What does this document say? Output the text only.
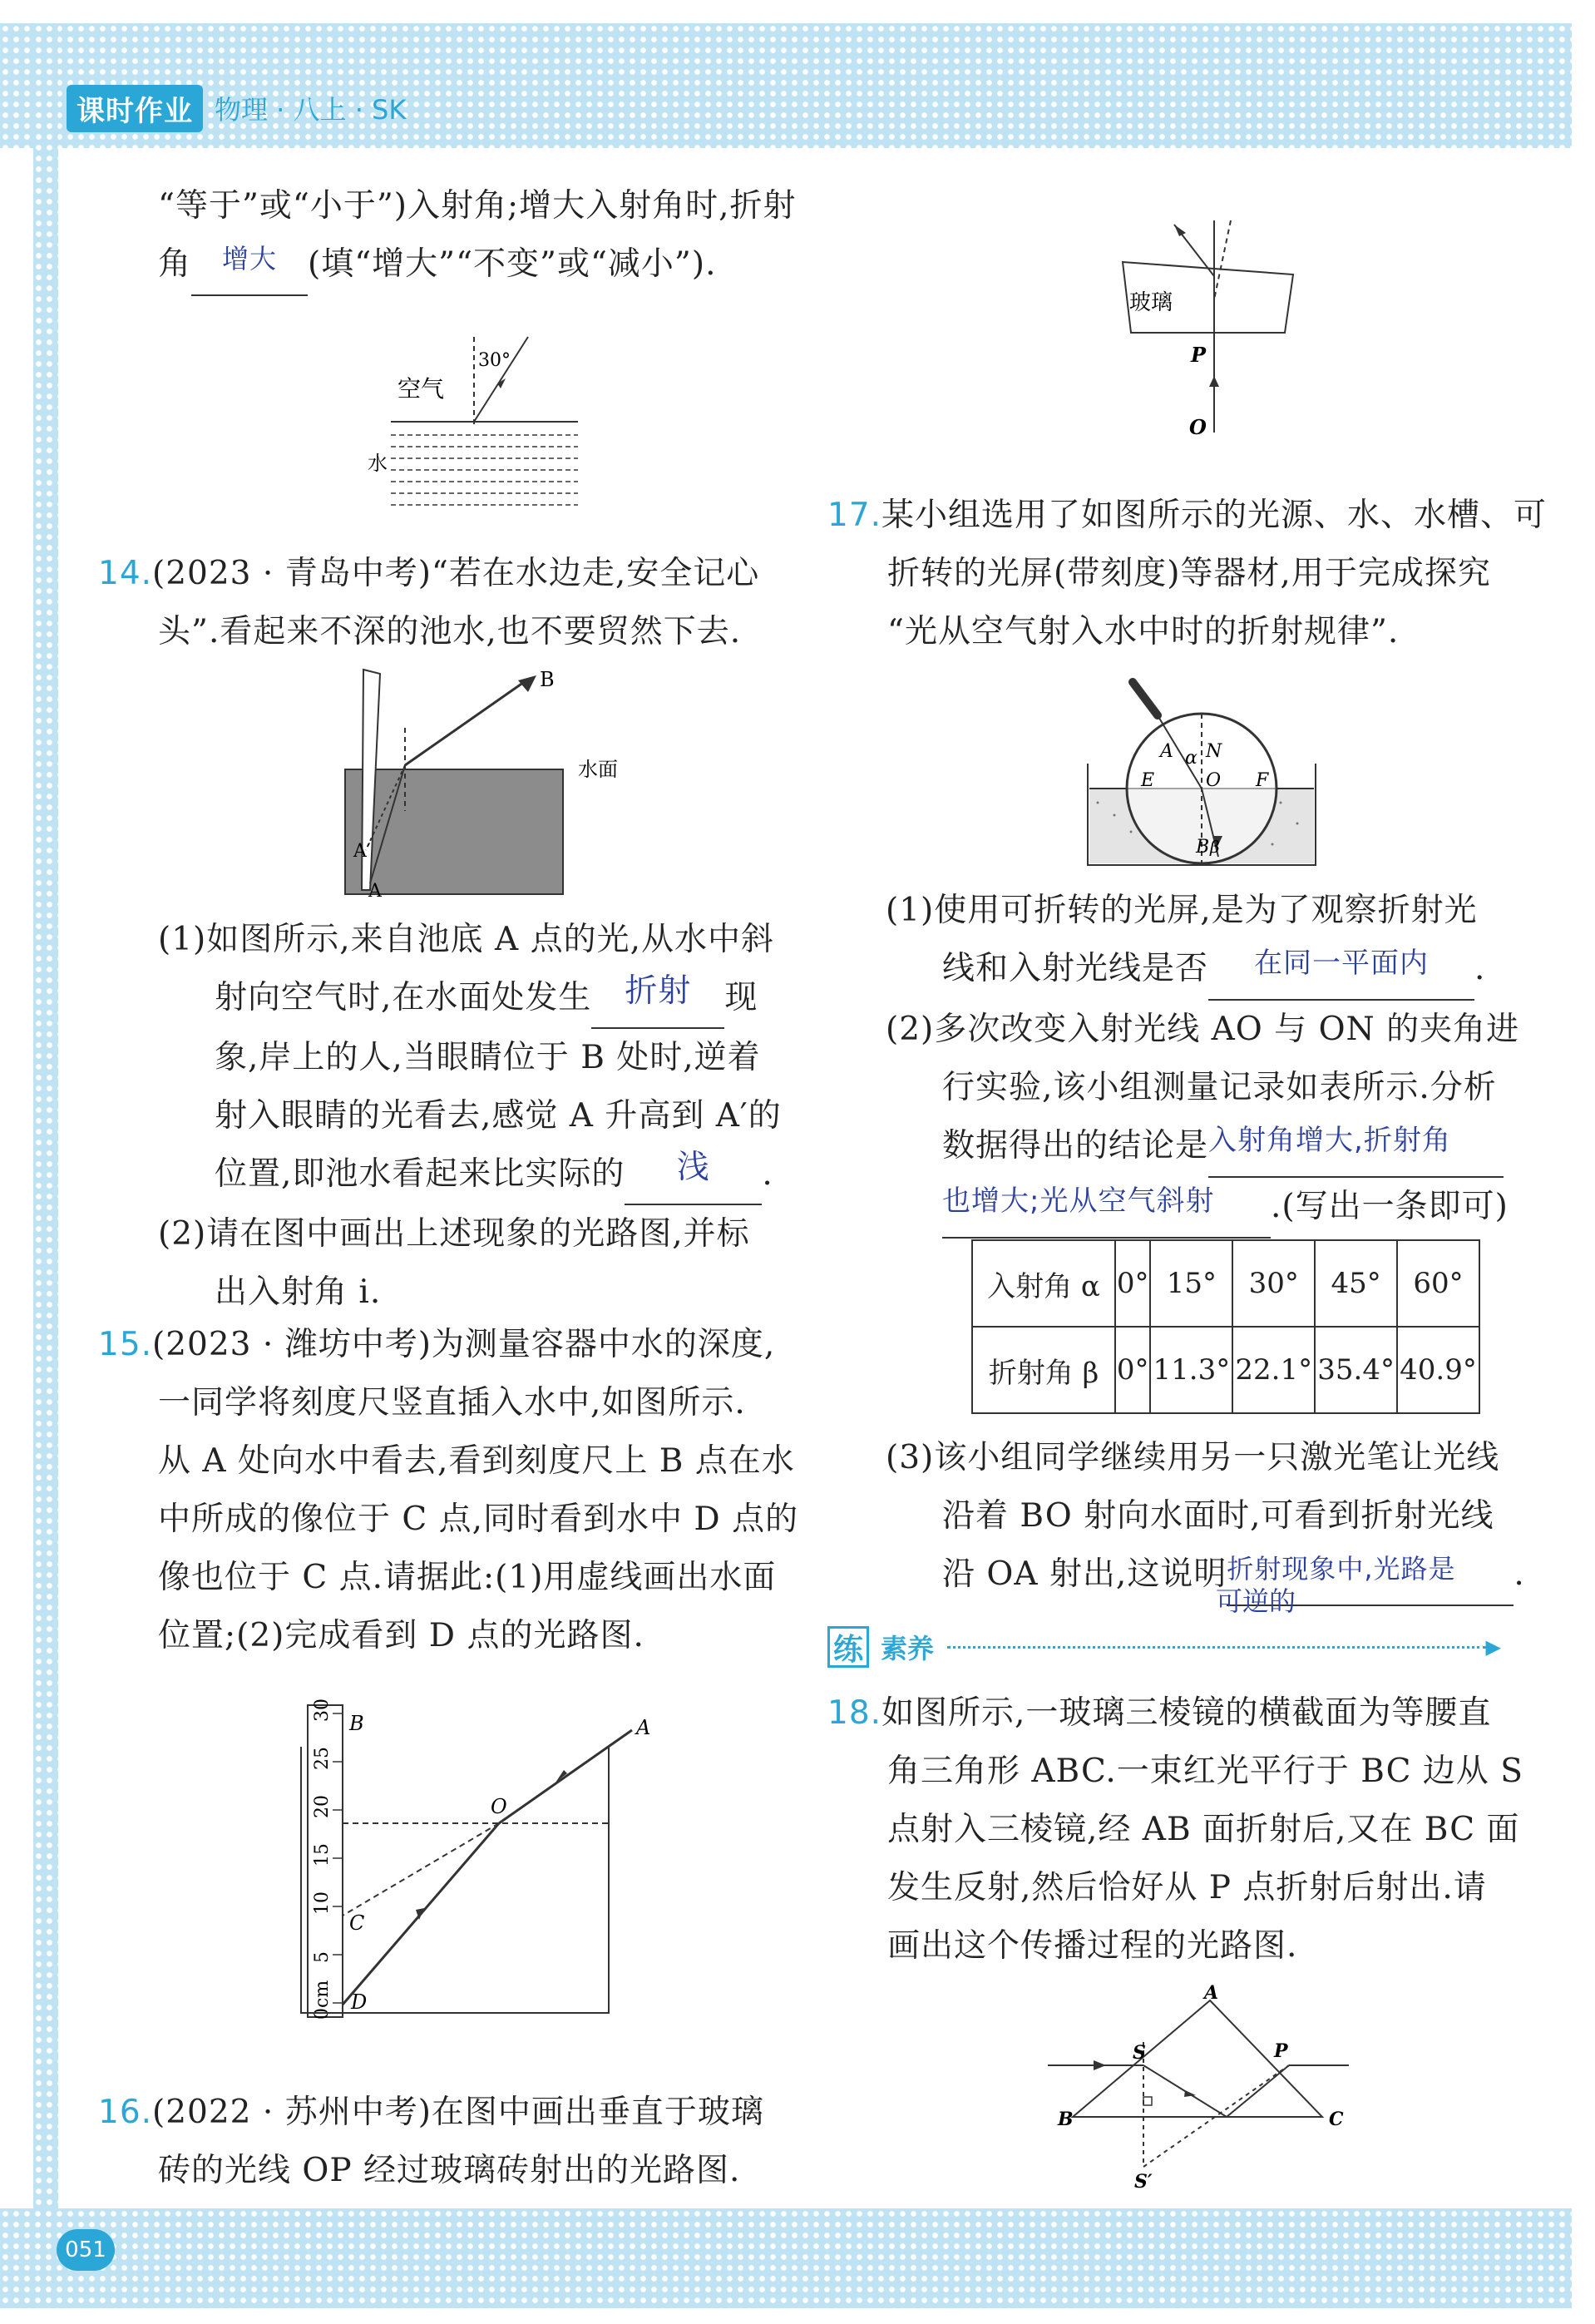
课时作业 物理 · 八上 · SK
051
“等于”或“小于”)入射角;增大入射角时,折射
角 $^{增大}$ (填“增大”“不变”或“减小”).
30°
空气
水
14.(2023 · 青岛中考)“若在水边走,安全记心
头”.看起来不深的池水,也不要贸然下去.
B
水面
A′
A
(1)如图所示,来自池底 A 点的光,从水中斜
射向空气时,在水面处发生 折射 现
象,岸上的人,当眼睛位于 B 处时,逆着
射入眼睛的光看去,感觉 A 升高到 A′的
位置,即池水看起来比实际的 浅 .
(2)请在图中画出上述现象的光路图,并标
出入射角 i.
15.(2023 · 潍坊中考)为测量容器中水的深度,
一同学将刻度尺竖直插入水中,如图所示.
从 A 处向水中看去,看到刻度尺上 B 点在水
中所成的像位于 C 点,同时看到水中 D 点的
像也位于 C 点.请据此:(1)用虚线画出水面
位置;(2)完成看到 D 点的光路图.
30
25
20
15
10
5
0cm
B
O
A
C
D
16.(2022 · 苏州中考)在图中画出垂直于玻璃
砖的光线 OP 经过玻璃砖射出的光路图.
玻璃
P
O
17.某小组选用了如图所示的光源、水、水槽、可
折转的光屏(带刻度)等器材,用于完成探究
“光从空气射入水中时的折射规律”.
A α N
E	O F
B β
(1)使用可折转的光屏,是为了观察折射光
线和入射光线是否 在同一平面内 .
(2)多次改变入射光线 AO 与 ON 的夹角进
行实验,该小组测量记录如表所示.分析
数据得出的结论是入射角增大,折射角
也增大;光从空气斜射 .(写出一条即可)
入射角 α	0°	15°	30°	45°	60°
折射角 β	0°	11.3°	22.1°	35.4°	40.9°
(3)该小组同学继续用另一只激光笔让光线
沿着 BO 射向水面时,可看到折射光线
沿 OA 射出,这说明$^{折射现象中,光路是}$ .
可逆的
练 素养	▶
18.如图所示,一玻璃三棱镜的横截面为等腰直
角三角形 ABC.一束红光平行于 BC 边从 S
点射入三棱镜,经 AB 面折射后,又在 BC 面
发生反射,然后恰好从 P 点折射后射出.请
画出这个传播过程的光路图.
A
B	C
S	P
S′
